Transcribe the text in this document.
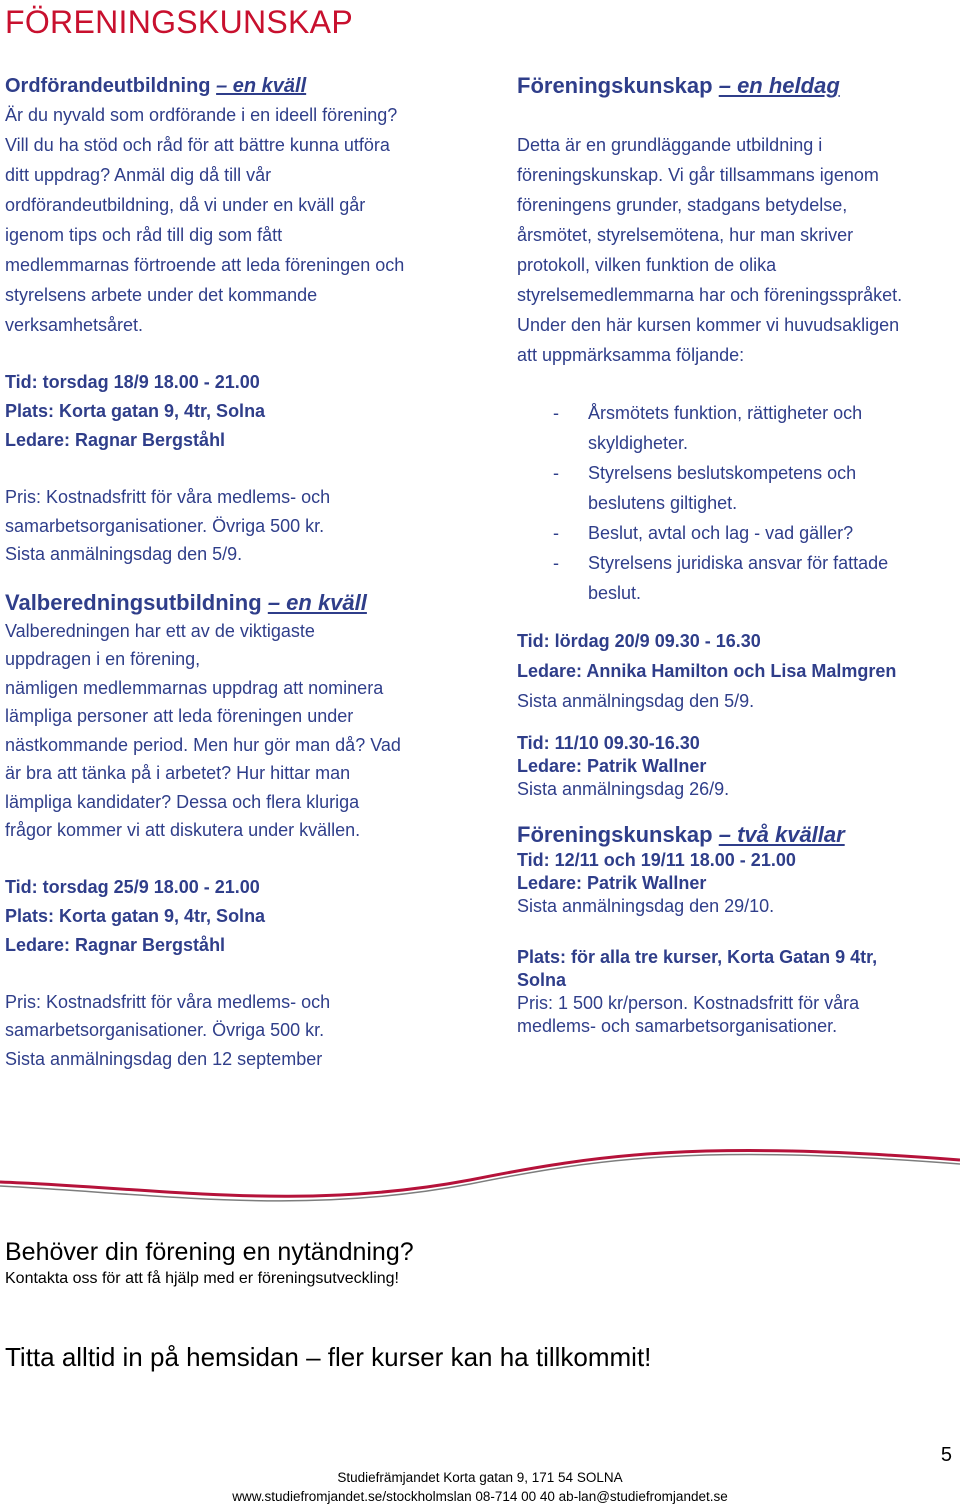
FÖRENINGSKUNSKAP
Ordförandeutbildning – en kväll
Är du nyvald som ordförande i en ideell förening?
Vill du ha stöd och råd för att bättre kunna utföra
ditt uppdrag? Anmäl dig då till vår
ordförandeutbildning, då vi under en kväll går
igenom tips och råd till dig som fått
medlemmarnas förtroende att leda föreningen och
styrelsens arbete under det kommande
verksamhetsåret.
Tid: torsdag 18/9 18.00 - 21.00
Plats: Korta gatan 9, 4tr, Solna
Ledare: Ragnar Bergståhl
Pris: Kostnadsfritt för våra medlems- och
samarbetsorganisationer. Övriga 500 kr.
Sista anmälningsdag den 5/9.
Valberedningsutbildning – en kväll
Valberedningen har ett av de viktigaste
uppdragen i en förening,
nämligen medlemmarnas uppdrag att nominera
lämpliga personer att leda föreningen under
nästkommande period. Men hur gör man då? Vad
är bra att tänka på i arbetet? Hur hittar man
lämpliga kandidater? Dessa och flera kluriga
frågor kommer vi att diskutera under kvällen.
Tid: torsdag 25/9 18.00 - 21.00
Plats: Korta gatan 9, 4tr, Solna
Ledare: Ragnar Bergståhl
Pris: Kostnadsfritt för våra medlems- och
samarbetsorganisationer. Övriga 500 kr.
Sista anmälningsdag den 12 september
Föreningskunskap – en heldag
Detta är en grundläggande utbildning i
föreningskunskap. Vi går tillsammans igenom
föreningens grunder, stadgans betydelse,
årsmötet, styrelsemötena, hur man skriver
protokoll, vilken funktion de olika
styrelsemedlemmarna har och föreningsspråket.
Under den här kursen kommer vi huvudsakligen
att uppmärksamma följande:
- Årsmötets funktion, rättigheter och
skyldigheter.
- Styrelsens beslutskompetens och
beslutens giltighet.
- Beslut, avtal och lag - vad gäller?
- Styrelsens juridiska ansvar för fattade
beslut.
Tid: lördag 20/9 09.30 - 16.30
Ledare: Annika Hamilton och Lisa Malmgren
Sista anmälningsdag den 5/9.
Tid: 11/10 09.30-16.30
Ledare: Patrik Wallner
Sista anmälningsdag 26/9.
Föreningskunskap – två kvällar
Tid: 12/11 och 19/11 18.00 - 21.00
Ledare: Patrik Wallner
Sista anmälningsdag den 29/10.
Plats: för alla tre kurser, Korta Gatan 9 4tr,
Solna
Pris: 1 500 kr/person. Kostnadsfritt för våra
medlems- och samarbetsorganisationer.
Behöver din förening en nytändning?
Kontakta oss för att få hjälp med er föreningsutveckling!
Titta alltid in på hemsidan – fler kurser kan ha tillkommit!
5
Studiefrämjandet Korta gatan 9, 171 54 SOLNA
www.studiefromjandet.se/stockholmslan 08-714 00 40 ab-lan@studiefromjandet.se
